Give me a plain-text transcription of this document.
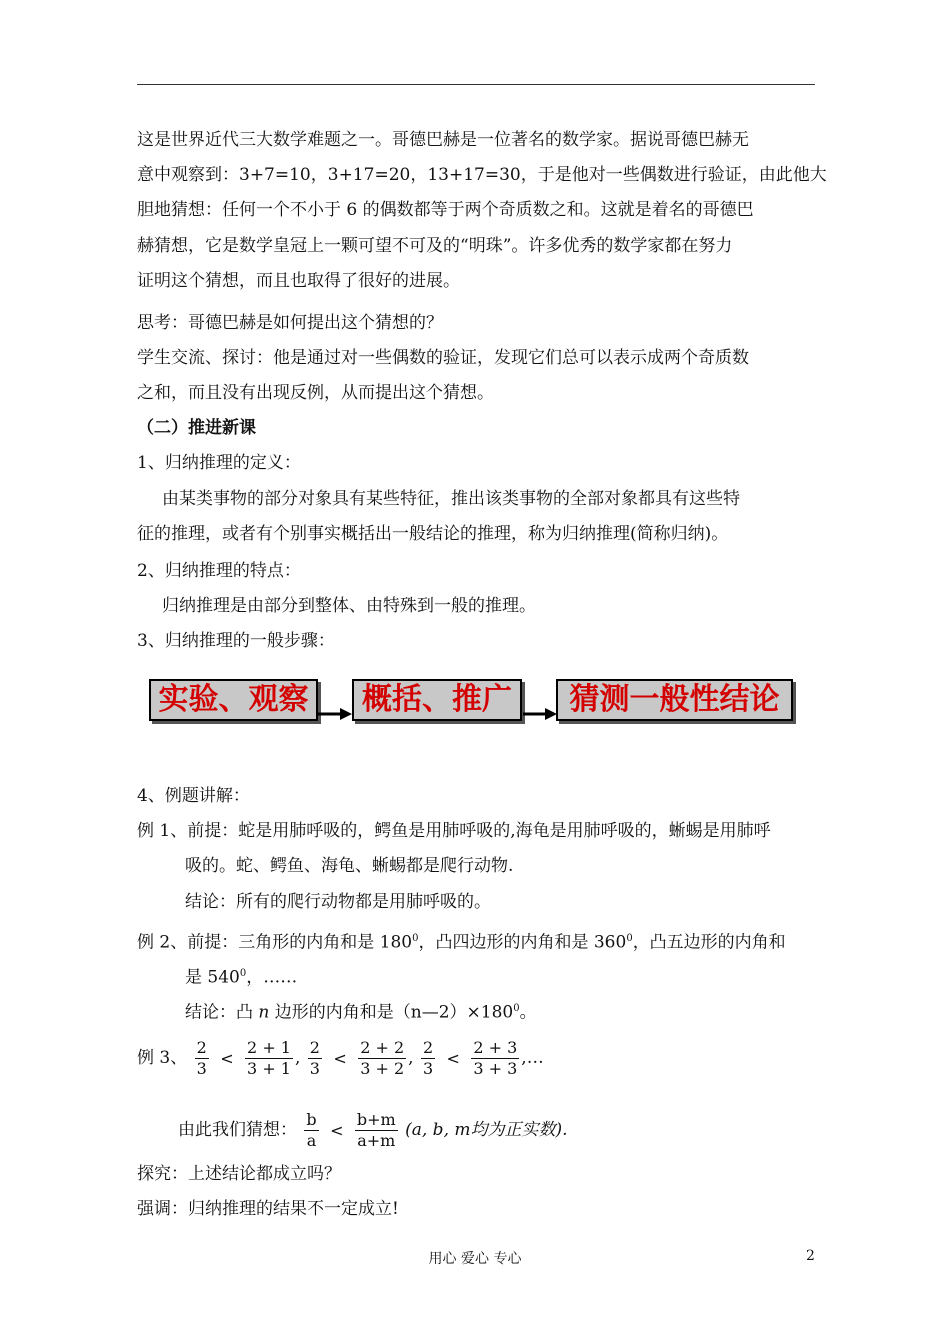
这是世界近代三大数学难题之一。哥德巴赫是一位著名的数学家。据说哥德巴赫无
意中观察到：3+7=10，3+17=20，13+17=30，于是他对一些偶数进行验证，由此他大
胆地猜想：任何一个不小于 6 的偶数都等于两个奇质数之和。这就是着名的哥德巴
赫猜想，它是数学皇冠上一颗可望不可及的“明珠”。许多优秀的数学家都在努力
证明这个猜想，而且也取得了很好的进展。
思考：哥德巴赫是如何提出这个猜想的？
学生交流、探讨：他是通过对一些偶数的验证，发现它们总可以表示成两个奇质数
之和，而且没有出现反例，从而提出这个猜想。
（二）推进新课
1、归纳推理的定义：
由某类事物的部分对象具有某些特征，推出该类事物的全部对象都具有这些特
征的推理，或者有个别事实概括出一般结论的推理，称为归纳推理(简称归纳)。
2、归纳推理的特点：
归纳推理是由部分到整体、由特殊到一般的推理。
3、归纳推理的一般步骤：
实验、观察	概括、推广	猜测一般性结论
4、例题讲解：
例 1、前提：蛇是用肺呼吸的，鳄鱼是用肺呼吸的,海龟是用肺呼吸的，蜥蜴是用肺呼
吸的。蛇、鳄鱼、海龟、蜥蜴都是爬行动物.
结论：所有的爬行动物都是用肺呼吸的。
例 2、前提：三角形的内角和是 $180^0$，凸四边形的内角和是 $360^0$，凸五边形的内角和
是 $540^0$，……
结论：凸 n 边形的内角和是$(n—2)\times 180^0$。
例 3、 $\frac{2}{3} < \frac{2 + 1}{3 + 1}$ , $\frac{2}{3} < \frac{2 + 2}{3 + 2}$ , $\frac{2}{3} < \frac{2 + 3}{3 + 3}$ ,…
由此我们猜想： $\frac{b}{a} < \frac{b+m}{a+m} (a$, b, m均为正实数).
探究：上述结论都成立吗？
强调：归纳推理的结果不一定成立!
用心 爱心 专心	2
